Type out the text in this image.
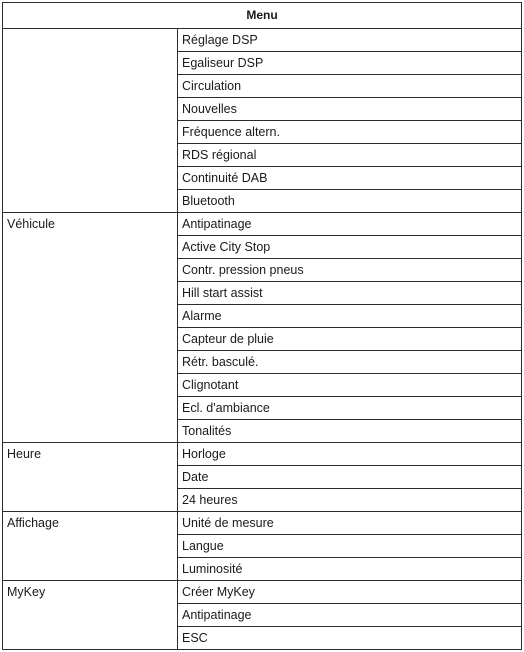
Menu	
	Réglage DSP
	Egaliseur DSP
	Circulation
	Nouvelles
	Fréquence altern.
	RDS régional
	Continuité DAB
	Bluetooth
Véhicule	Antipatinage
	Active City Stop
	Contr. pression pneus
	Hill start assist
	Alarme
	Capteur de pluie
	Rétr. basculé.
	Clignotant
	Ecl. d'ambiance
	Tonalités
Heure	Horloge
	Date
	24 heures
Affichage	Unité de mesure
	Langue
	Luminosité
MyKey	Créer MyKey
	Antipatinage
	ESC
